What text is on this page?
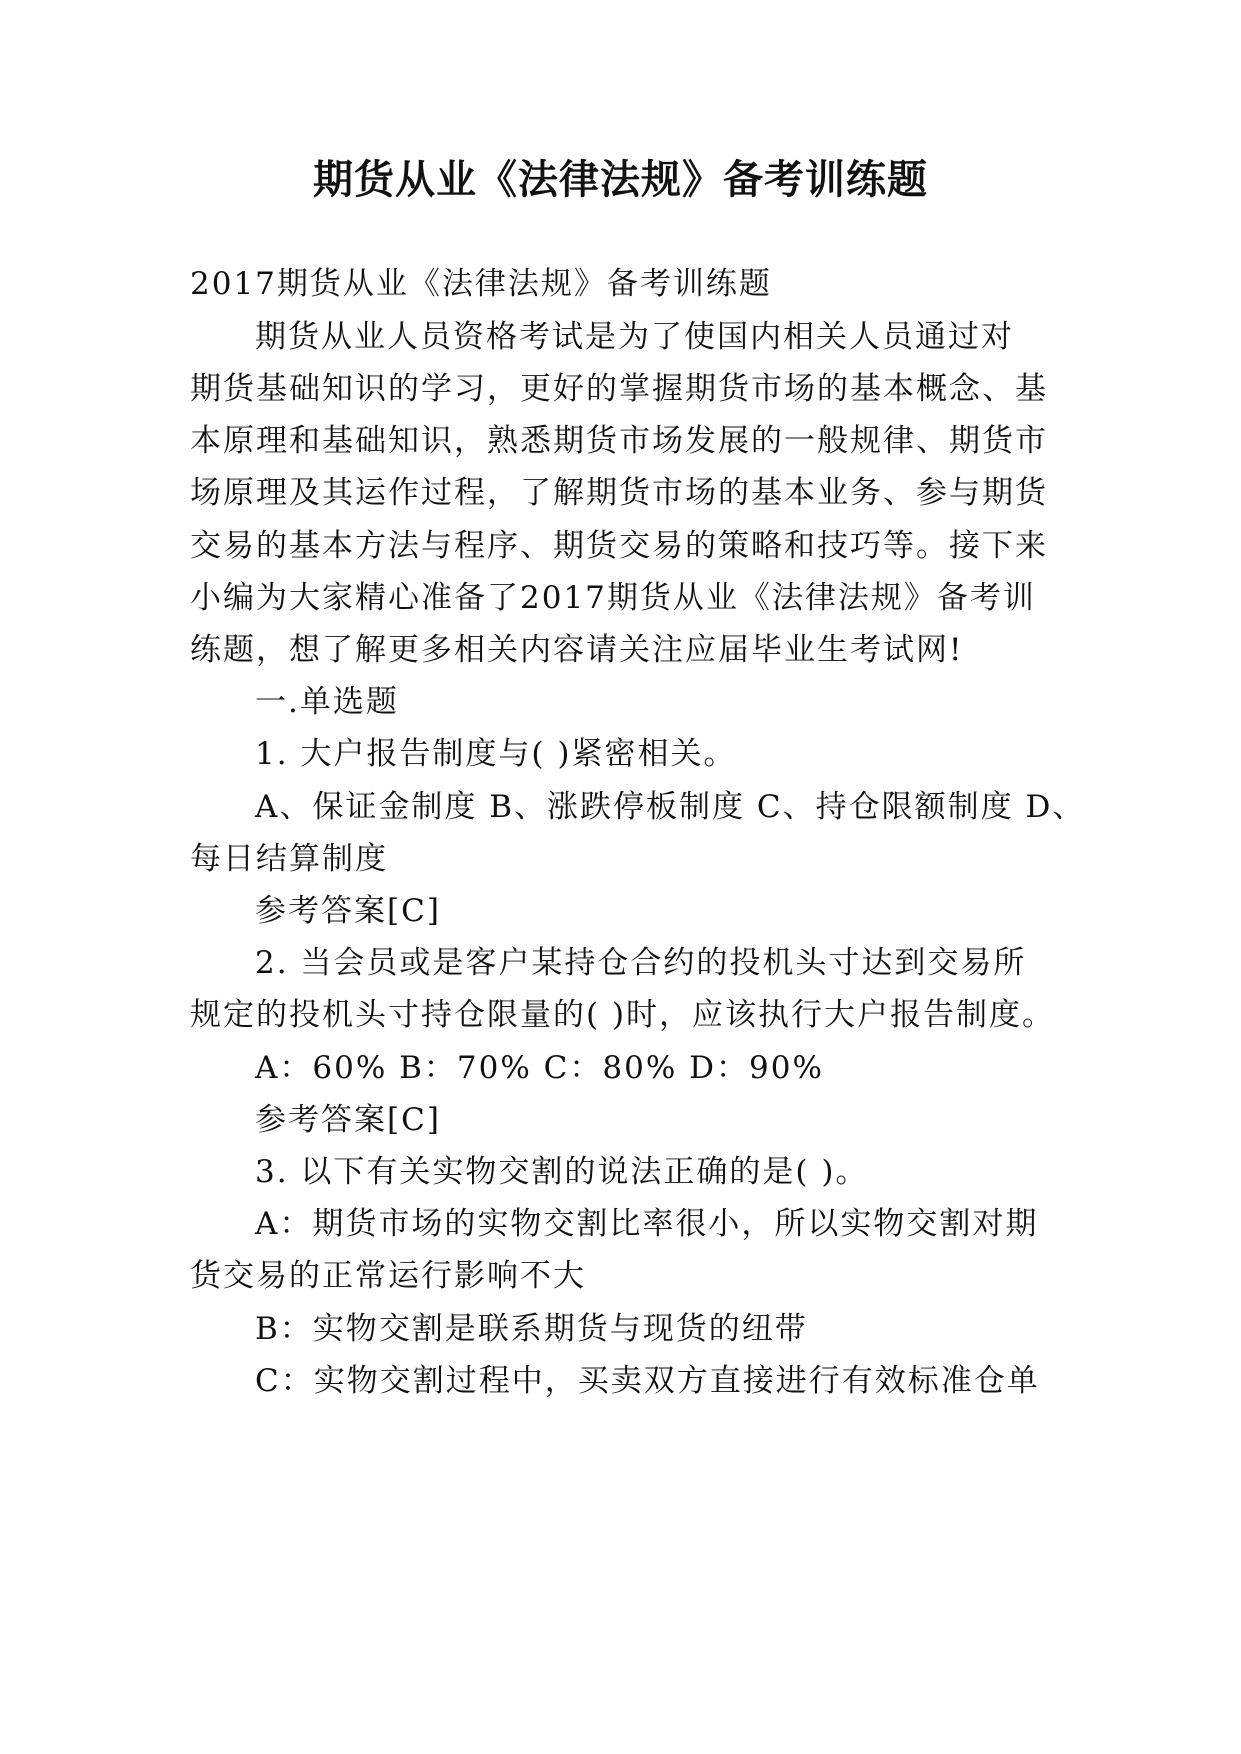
期货从业《法律法规》备考训练题
2017期货从业《法律法规》备考训练题
期货从业人员资格考试是为了使国内相关人员通过对
期货基础知识的学习，更好的掌握期货市场的基本概念、基
本原理和基础知识，熟悉期货市场发展的一般规律、期货市
场原理及其运作过程，了解期货市场的基本业务、参与期货
交易的基本方法与程序、期货交易的策略和技巧等。接下来
小编为大家精心准备了2017期货从业《法律法规》备考训
练题，想了解更多相关内容请关注应届毕业生考试网!
一.单选题
1. 大户报告制度与( )紧密相关。
A、保证金制度 B、涨跌停板制度 C、持仓限额制度 D、
每日结算制度
参考答案[C]
2. 当会员或是客户某持仓合约的投机头寸达到交易所
规定的投机头寸持仓限量的( )时，应该执行大户报告制度。
A：60% B：70% C：80% D：90%
参考答案[C]
3. 以下有关实物交割的说法正确的是( )。
A：期货市场的实物交割比率很小，所以实物交割对期
货交易的正常运行影响不大
B：实物交割是联系期货与现货的纽带
C：实物交割过程中，买卖双方直接进行有效标准仓单
